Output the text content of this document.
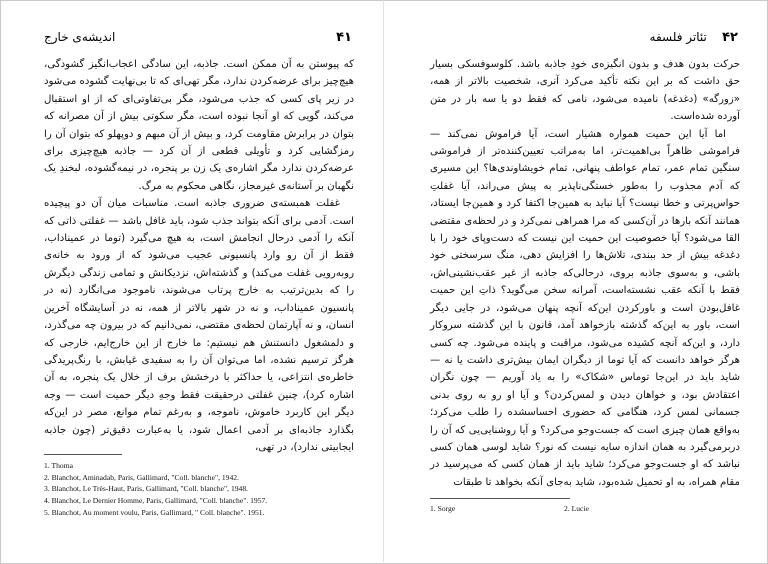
اندیشه‌ی خارج	۴۱

که پیوستن به آن ممکن است. جاذبه، این سادگی اعجاب‌انگیز گشودگی، هیچ‌چیز برای عرضه‌کردن ندارد، مگر تهی‌ای که تا بی‌نهایت گشوده می‌شود در زیر پای کسی که جذب می‌شود، مگر بی‌تفاوتی‌ای که از او استقبال می‌کند، گویی که او آنجا نبوده است، مگر سکوتی بیش از آن مصرانه که بتوان در برابرش مقاومت کرد، و بیش از آن مبهم و دوپهلو که بتوان آن را رمزگشایی کرد و تأویلی قطعی از آن کرد — جاذبه هیچ‌چیزی برای عرضه‌کردن ندارد مگر اشاره‌ی یک زن بر پنجره، در نیمه‌گشوده، لبخندِ یک نگهبان بر آستانه‌ی غیرمجاز، نگاهی محکوم به مرگ.

غفلت همبسته‌ی ضروری جاذبه است. مناسبات میان آن دو پیچیده است. آدمی برای آنکه بتواند جذب شود، باید غافل باشد — غفلتی ذاتی که آنکه را آدمی درحال انجامش است، به هیچ می‌گیرد (توما در عمیناداب، فقط از آن رو وارد پانسیونی عجیب می‌شود که از ورود به خانه‌ی روبه‌رویی غفلت می‌کند) و گذشته‌اش، نزدیکانش و تمامی زندگی دیگرش را که بدین‌ترتیب به خارج پرتاب می‌شوند، ناموجود می‌انگارد (نه در پانسیون عمیناداب، و نه در شهر بالاتر از همه، نه در آسایشگاه آخرین انسان، و نه آپارتمان لحظه‌ی مقتضی، نمی‌دانیم که در بیرون چه می‌گذرد، و دلمشغول دانستنش هم نیستیم: ما خارج از این خارج‌ایم، خارجی که هرگز ترسیم نشده، اما می‌توان آن را به سفیدی غیابش، با رنگ‌پریدگی خاطره‌ی انتزاعی، یا حداکثر با درخشش برف از خلال یک پنجره، به آن اشاره کرد)، چنین غفلتی درحقیقت فقط وجهِ دیگر حمیت است — وجه دیگر این کاربرد خاموش، ناموجه، و به‌رغم تمام موانع، مصر در این‌که بگذارد جاذبه‌ای بر آدمی اعمال شود، یا به‌عبارت دقیق‌تر (چون جاذبه ایجابیتی ندارد)، در تهی،

1. Thoma
2. Blanchot, Aminadab, Paris, Gallimard, "Coll. blanche", 1942.
3. Blanchot, Le Très-Haut, Paris, Gallimard, "Coll. blanche", 1948.
4. Blanchot, Le Dernier Homme, Paris, Gallimard, "Coll. blanche". 1957.
5. Blanchot, Au moment voulu, Paris, Gallimard, " Coll. blanche". 1951.
۴۲    تئاتر فلسفه

حرکت بدون هدف و بدون انگیزه‌ی خودِ جاذبه باشد. کلوسوفسکی بسیار حق داشت که بر این نکته تأکید می‌کرد آنری، شخصیت بالاتر از همه، «زورگه» (دغدغه) نامیده می‌شود، نامی که فقط دو یا سه بار در متن آورده شده‌است.

اما آیا این حمیت همواره هشیار است، آیا فراموش نمی‌کند — فراموشی ظاهراً بی‌اهمیت‌تر، اما به‌مراتب تعیین‌کننده‌تر از فراموشی سنگین تمام عمر، تمام عواطف پنهانی، تمام خویشاوندی‌ها؟ این مسیری که آدم مجذوب را به‌طور خستگی‌ناپذیر به پیش می‌راند، آیا غفلتِ حواس‌پرتی و خطا نیست؟ آیا نباید به همین‌جا اکتفا کرد و همین‌جا ایستاد، همانند آنکه بارها در آن‌کسی که مرا همراهی نمی‌کرد و در لحظه‌ی مقتضی القا می‌شود؟ آیا خصوصیت این حمیت این نیست که دست‌وپای خود را با دغدغه بیش از حد ببندی، تلاش‌ها را افزایش دهی، منگ سرسختی خود باشی، و به‌سوی جاذبه بروی، درحالی‌که جاذبه از غیر عقب‌نشینی‌اش، فقط با آنکه عقب نشسته‌است، آمرانه سخن می‌گوید؟ ذاتِ این حمیت غافل‌بودن است و باورکردن این‌که آنچه پنهان می‌شود، در جایی دیگر است، باور به این‌که گذشته بازخواهد آمد، قانون با این گذشته سروکار دارد، و این‌که آنچه کشیده می‌شود، مراقبت و پاینده می‌شود. چه کسی هرگز خواهد دانست که آیا توما از دیگران ایمان بیش‌تری داشت یا نه — شاید باید در این‌جا توماس «شکاک» را به یاد آوریم — چون نگران اعتقادش بود، و خواهان دیدن و لمس‌کردن؟ و آیا او رو به روی بدنی جسمانی لمس کرد، هنگامی که حضوری احساسشده را طلب می‌کرد؛ به‌واقع همان چیزی است که جست‌وجو می‌کرد؟ و آیا روشنایی‌یی که آن را دربرمی‌گیرد به همان اندازه سایه نیست که نور؟ شاید لوسی همان کسی نباشد که او جست‌وجو می‌کرد؛ شاید باید از همان کسی که می‌پرسید در مقام همراه، به او تحمیل شده‌بود، شاید به‌جای آنکه بخواهد تا طبقات

1. Sorge	2. Lucie
